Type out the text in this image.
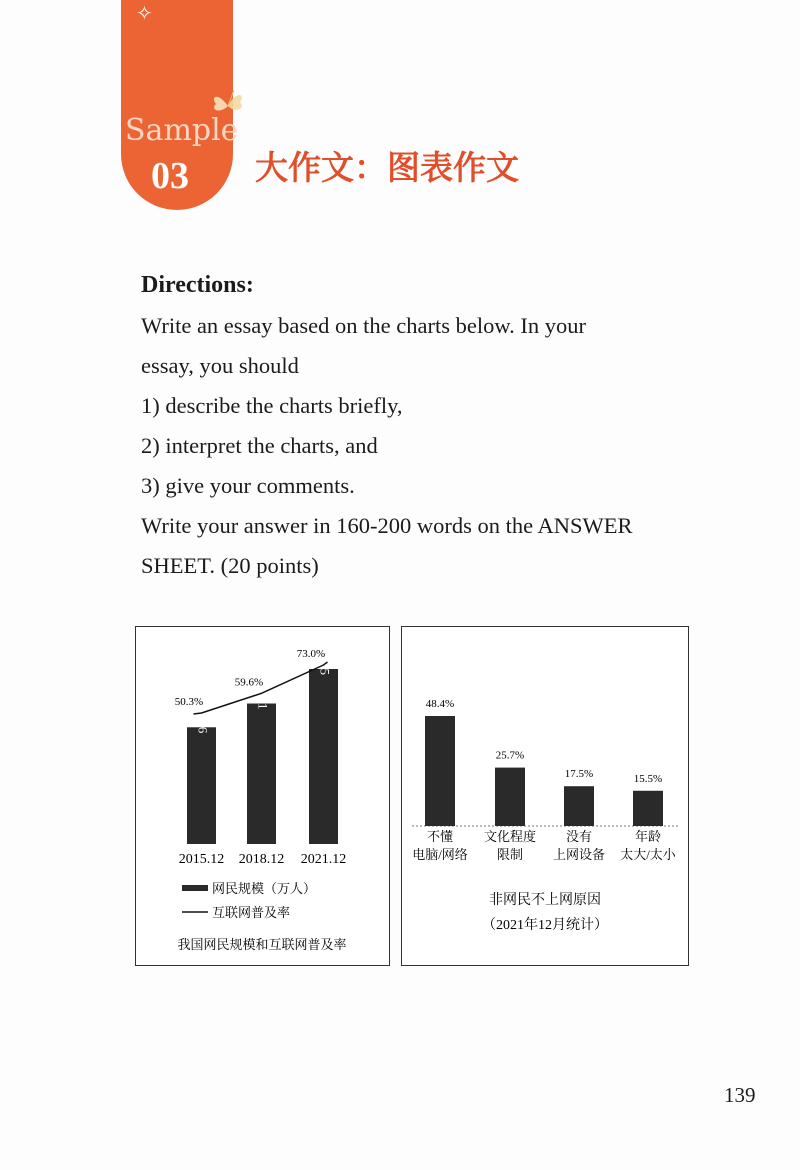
✧
Sample
03 大作文：图表作文
Directions:
Write an essay based on the charts below. In your
essay, you should
1) describe the charts briefly,
2) interpret the charts, and
3) give your comments.
Write your answer in 160-200 words on the ANSWER
SHEET. (20 points)
68,826
2015.12
50.3%	82,851
2018.12
59.6%
103,195
2021.12
73.0%
网民规模（万人）
互联网普及率
我国网民规模和互联网普及率
48.4%
不懂
电脑/网络
25.7%
文化程度
限制
17.5%
没有
上网设备
15.5%
年龄
太大/太小
非网民不上网原因
（2021年12月统计）
139
